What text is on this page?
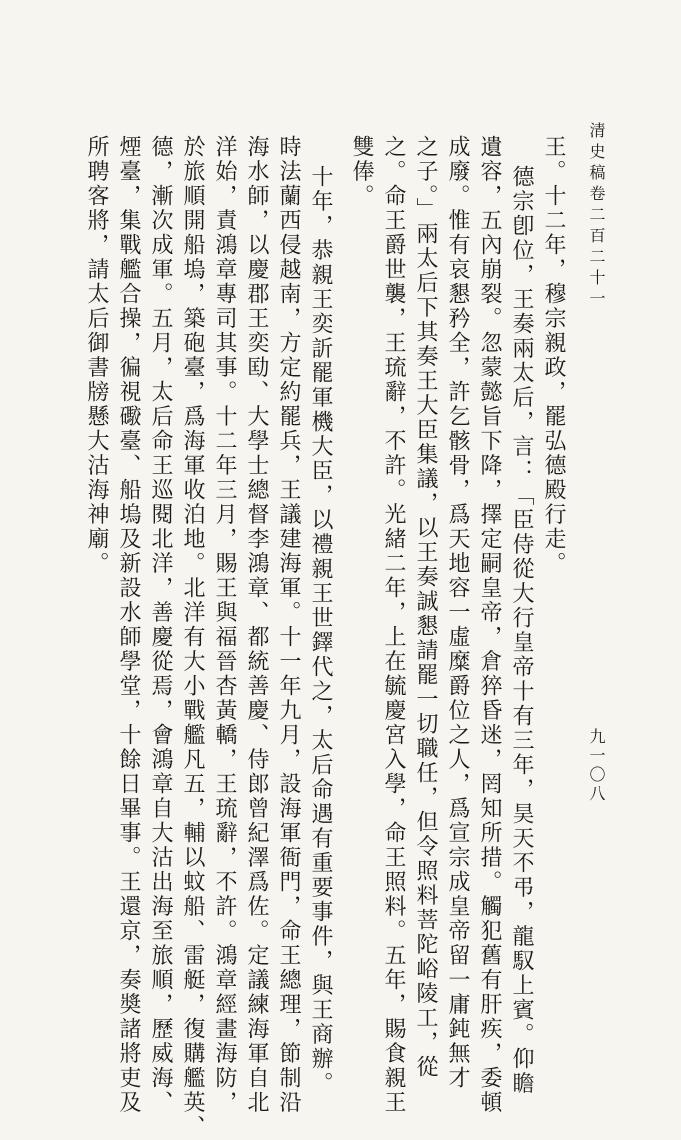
清史稿卷二百二十一
九一〇八
王。十二年，穆宗親政，罷弘德殿行走。
德宗卽位，王奏兩太后，言：「臣侍從大行皇帝十有三年，昊天不弔，龍馭上賓。仰瞻
遺容，五內崩裂。忽蒙懿旨下降，擇定嗣皇帝，倉猝昏迷，罔知所措。觸犯舊有肝疾，委頓
成廢。惟有哀懇矜全，許乞骸骨，爲天地容一虛糜爵位之人，爲宣宗成皇帝留一庸鈍無才
之子。」兩太后下其奏王大臣集議，以王奏誠懇請罷一切職任，但令照料菩陀峪陵工，從
之。命王爵世襲，王琉辭，不許。光緒二年，上在毓慶宮入學，命王照料。五年，賜食親王
雙俸。
十年，恭親王奕訢罷軍機大臣，以禮親王世鐸代之，太后命遇有重要事件，與王商辦。
時法蘭西侵越南，方定約罷兵，王議建海軍。十一年九月，設海軍衙門，命王總理，節制沿
海水師，以慶郡王奕劻、大學士總督李鴻章、都統善慶、侍郎曾紀澤爲佐。定議練海軍自北
洋始，責鴻章專司其事。十二年三月，賜王與福晉杏黃轎，王琉辭，不許。鴻章經畫海防，
於旅順開船塢，築砲臺，爲海軍收泊地。北洋有大小戰艦凡五，輔以蚊船、雷艇，復購艦英、
德，漸次成軍。五月，太后命王巡閱北洋，善慶從焉，會鴻章自大沽出海至旅順，歷威海、
煙臺，集戰艦合操，徧視礮臺、船塢及新設水師學堂，十餘日畢事。王還京，奏奬諸將吏及
所聘客將，請太后御書牓懸大沽海神廟。
